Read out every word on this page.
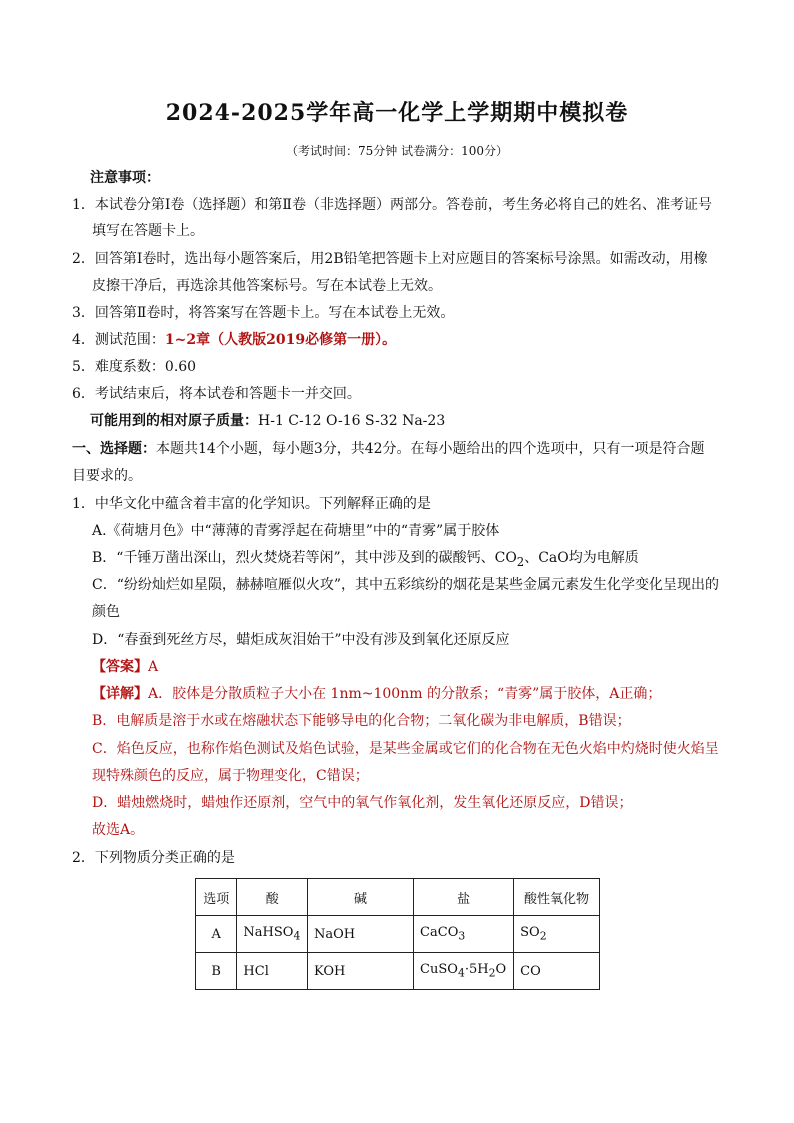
2024-2025学年高一化学上学期期中模拟卷
（考试时间：75分钟 试卷满分：100分）
注意事项：
1．本试卷分第Ⅰ卷（选择题）和第Ⅱ卷（非选择题）两部分。答卷前，考生务必将自己的姓名、准考证号
填写在答题卡上。
2．回答第Ⅰ卷时，选出每小题答案后，用2B铅笔把答题卡上对应题目的答案标号涂黑。如需改动，用橡
皮擦干净后，再选涂其他答案标号。写在本试卷上无效。
3．回答第Ⅱ卷时，将答案写在答题卡上。写在本试卷上无效。
4．测试范围：1~2章（人教版2019必修第一册）。
5．难度系数：0.60
6．考试结束后，将本试卷和答题卡一并交回。
可能用到的相对原子质量：H-1 C-12 O-16 S-32 Na-23
一、选择题：本题共14个小题，每小题3分，共42分。在每小题给出的四个选项中，只有一项是符合题
目要求的。
1．中华文化中蕴含着丰富的化学知识。下列解释正确的是
A.《荷塘月色》中“薄薄的青雾浮起在荷塘里”中的“青雾”属于胶体
B．“千锤万凿出深山，烈火焚烧若等闲”，其中涉及到的碳酸钙、$CO_2$、CaO均为电解质
C．“纷纷灿烂如星陨，赫赫喧雁似火攻”，其中五彩缤纷的烟花是某些金属元素发生化学变化呈现出的
颜色
D．“春蚕到死丝方尽，蜡炬成灰泪始干”中没有涉及到氧化还原反应
【答案】A
【详解】A．胶体是分散质粒子大小在 1nm~100nm 的分散系；“青雾”属于胶体，A正确；
B．电解质是溶于水或在熔融状态下能够导电的化合物；二氧化碳为非电解质，B错误；
C．焰色反应，也称作焰色测试及焰色试验，是某些金属或它们的化合物在无色火焰中灼烧时使火焰呈
现特殊颜色的反应，属于物理变化，C错误；
D．蜡烛燃烧时，蜡烛作还原剂，空气中的氧气作氧化剂，发生氧化还原反应，D错误；
故选A。
2．下列物质分类正确的是
选项	酸	碱	盐	酸性氧化物
A	NaHSO$_4$	NaOH	CaCO$_3$	$SO_2$
B	HCl	KOH	$CuSO_4\cdot 5H_2O$	CO
